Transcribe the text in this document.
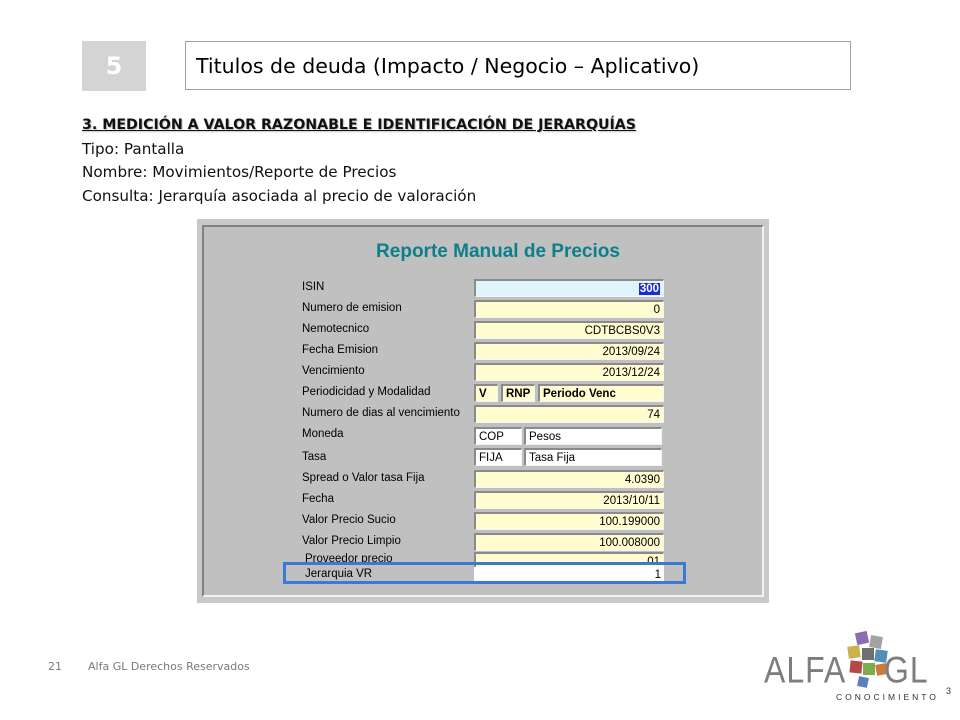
5	Titulos de deuda (Impacto / Negocio – Aplicativo)
3. MEDICIÓN A VALOR RAZONABLE E IDENTIFICACIÓN DE JERARQUÍAS
Tipo: Pantalla
Nombre: Movimientos/Reporte de Precios
Consulta: Jerarquía asociada al precio de valoración
Reporte Manual de Precios
ISIN	300
Numero de emision	0
Nemotecnico	CDTBCBS0V3
Fecha Emision	2013/09/24
Vencimiento	2013/12/24
Periodicidad y Modalidad	V	RNP	Periodo Venc
Numero de dias al vencimiento	74
Moneda	COP	Pesos
Tasa	FIJA	Tasa Fija
Spread o Valor tasa Fija	4.0390
Fecha	2013/10/11
Valor Precio Sucio	100.199000
Valor Precio Limpio	100.008000
Proveedor precio	01
Jerarquia VR	1
21 Alfa GL Derechos Reservados	ALFA GL
CONOCIMIENTO
3
